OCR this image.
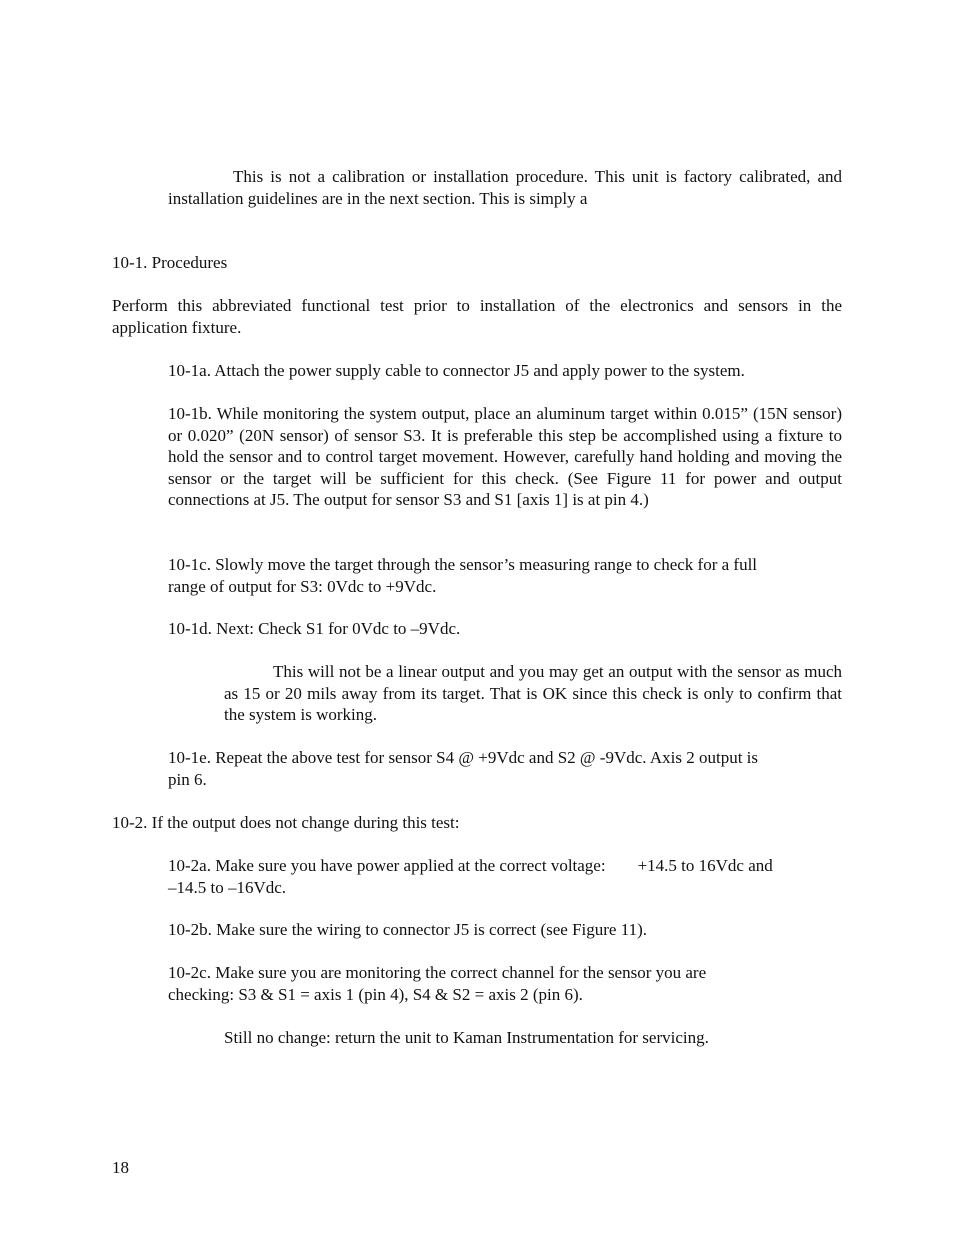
This is not a calibration or installation procedure. This unit is factory calibrated, and installation guidelines are in the next section. This is simply a

10-1. Procedures

Perform this abbreviated functional test prior to installation of the electronics and sensors in the application fixture.

10-1a. Attach the power supply cable to connector J5 and apply power to the system.

10-1b. While monitoring the system output, place an aluminum target within 0.015” (15N sensor) or 0.020” (20N sensor) of sensor S3. It is preferable this step be accomplished using a fixture to hold the sensor and to control target movement. However, carefully hand holding and moving the sensor or the target will be sufficient for this check. (See Figure 11 for power and output connections at J5. The output for sensor S3 and S1 [axis 1] is at pin 4.)

10-1c. Slowly move the target through the sensor’s measuring range to check for a full
range of output for S3: 0Vdc to +9Vdc.

10-1d. Next: Check S1 for 0Vdc to –9Vdc.

This will not be a linear output and you may get an output with the sensor as much as 15 or 20 mils away from its target. That is OK since this check is only to confirm that the system is working.

10-1e. Repeat the above test for sensor S4 @ +9Vdc and S2 @ -9Vdc. Axis 2 output is
pin 6.

10-2. If the output does not change during this test:

10-2a. Make sure you have power applied at the correct voltage: +14.5 to 16Vdc and
–14.5 to –16Vdc.

10-2b. Make sure the wiring to connector J5 is correct (see Figure 11).

10-2c. Make sure you are monitoring the correct channel for the sensor you are
checking: S3 & S1 = axis 1 (pin 4), S4 & S2 = axis 2 (pin 6).

Still no change: return the unit to Kaman Instrumentation for servicing.

18
